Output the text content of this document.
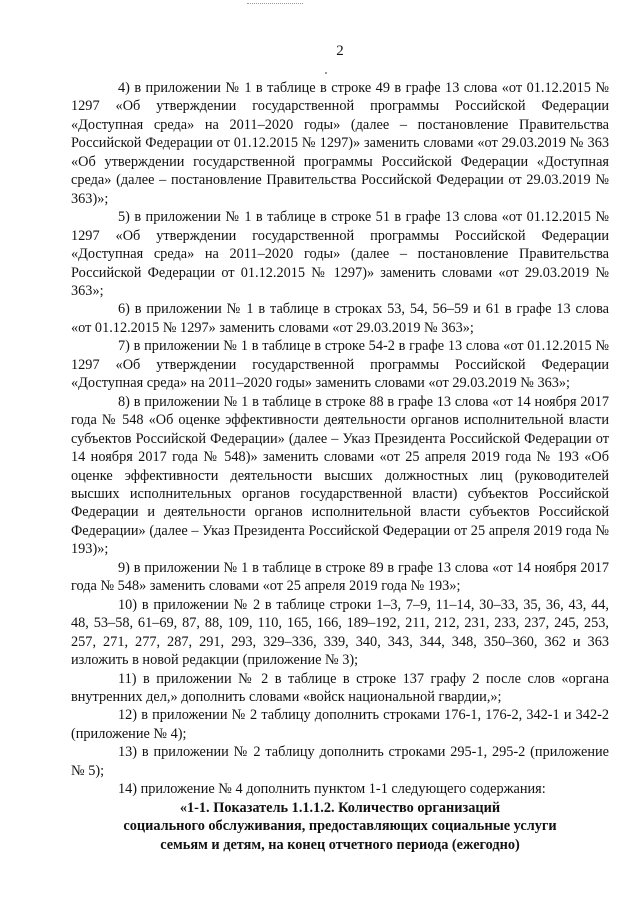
2

4) в приложении № 1 в таблице в строке 49 в графе 13 слова «от 01.12.2015 № 1297 «Об утверждении государственной программы Российской Федерации «Доступная среда» на 2011–2020 годы» (далее – постановление Правительства Российской Федерации от 01.12.2015 № 1297)» заменить словами «от 29.03.2019 № 363 «Об утверждении государственной программы Российской Федерации «Доступная среда» (далее – постановление Правительства Российской Федерации от 29.03.2019 № 363)»;

5) в приложении № 1 в таблице в строке 51 в графе 13 слова «от 01.12.2015 № 1297 «Об утверждении государственной программы Российской Федерации «Доступная среда» на 2011–2020 годы» (далее – постановление Правительства Российской Федерации от 01.12.2015 № 1297)» заменить словами «от 29.03.2019 № 363»;

6) в приложении № 1 в таблице в строках 53, 54, 56–59 и 61 в графе 13 слова «от 01.12.2015 № 1297» заменить словами «от 29.03.2019 № 363»;

7) в приложении № 1 в таблице в строке 54-2 в графе 13 слова «от 01.12.2015 № 1297 «Об утверждении государственной программы Российской Федерации «Доступная среда» на 2011–2020 годы» заменить словами «от 29.03.2019 № 363»;

8) в приложении № 1 в таблице в строке 88 в графе 13 слова «от 14 ноября 2017 года № 548 «Об оценке эффективности деятельности органов исполнительной власти субъектов Российской Федерации» (далее – Указ Президента Российской Федерации от 14 ноября 2017 года № 548)» заменить словами «от 25 апреля 2019 года № 193 «Об оценке эффективности деятельности высших должностных лиц (руководителей высших исполнительных органов государственной власти) субъектов Российской Федерации и деятельности органов исполнительной власти субъектов Российской Федерации» (далее – Указ Президента Российской Федерации от 25 апреля 2019 года № 193)»;

9) в приложении № 1 в таблице в строке 89 в графе 13 слова «от 14 ноября 2017 года № 548» заменить словами «от 25 апреля 2019 года № 193»;

10) в приложении № 2 в таблице строки 1–3, 7–9, 11–14, 30–33, 35, 36, 43, 44, 48, 53–58, 61–69, 87, 88, 109, 110, 165, 166, 189–192, 211, 212, 231, 233, 237, 245, 253, 257, 271, 277, 287, 291, 293, 329–336, 339, 340, 343, 344, 348, 350–360, 362 и 363 изложить в новой редакции (приложение № 3);

11) в приложении № 2 в таблице в строке 137 графу 2 после слов «органа внутренних дел,» дополнить словами «войск национальной гвардии,»;

12) в приложении № 2 таблицу дополнить строками 176-1, 176-2, 342-1 и 342-2 (приложение № 4);

13) в приложении № 2 таблицу дополнить строками 295-1, 295-2 (приложение № 5);

14) приложение № 4 дополнить пунктом 1-1 следующего содержания:

«1-1. Показатель 1.1.1.2. Количество организаций
социального обслуживания, предоставляющих социальные услуги
семьям и детям, на конец отчетного периода (ежегодно)
